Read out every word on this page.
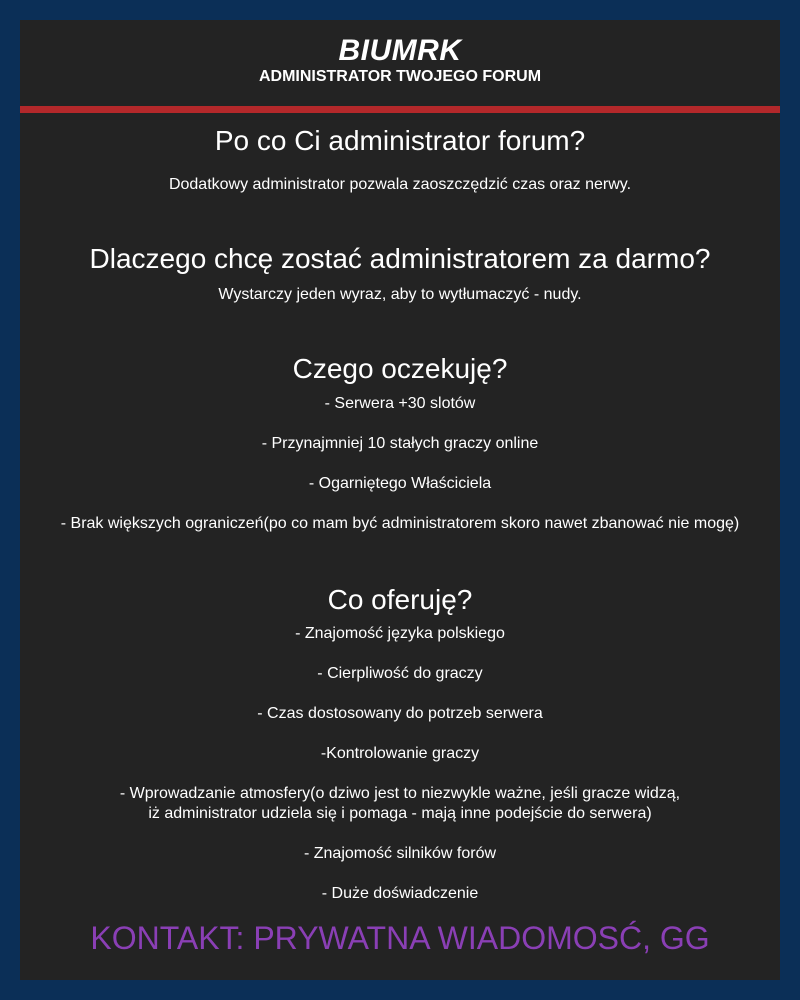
BIUMRK
ADMINISTRATOR TWOJEGO FORUM
Po co Ci administrator forum?
Dodatkowy administrator pozwala zaoszczędzić czas oraz nerwy.
Dlaczego chcę zostać administratorem za darmo?
Wystarczy jeden wyraz, aby to wytłumaczyć - nudy.
Czego oczekuję?
- Serwera +30 slotów
- Przynajmniej 10 stałych graczy online
- Ogarniętego Właściciela
- Brak większych ograniczeń(po co mam być administratorem skoro nawet zbanować nie mogę)
Co oferuję?
- Znajomość języka polskiego
- Cierpliwość do graczy
- Czas dostosowany do potrzeb serwera
-Kontrolowanie graczy
- Wprowadzanie atmosfery(o dziwo jest to niezwykle ważne, jeśli gracze widzą,
iż administrator udziela się i pomaga - mają inne podejście do serwera)
- Znajomość silników forów
- Duże doświadczenie
KONTAKT: PRYWATNA WIADOMOSĆ, GG
